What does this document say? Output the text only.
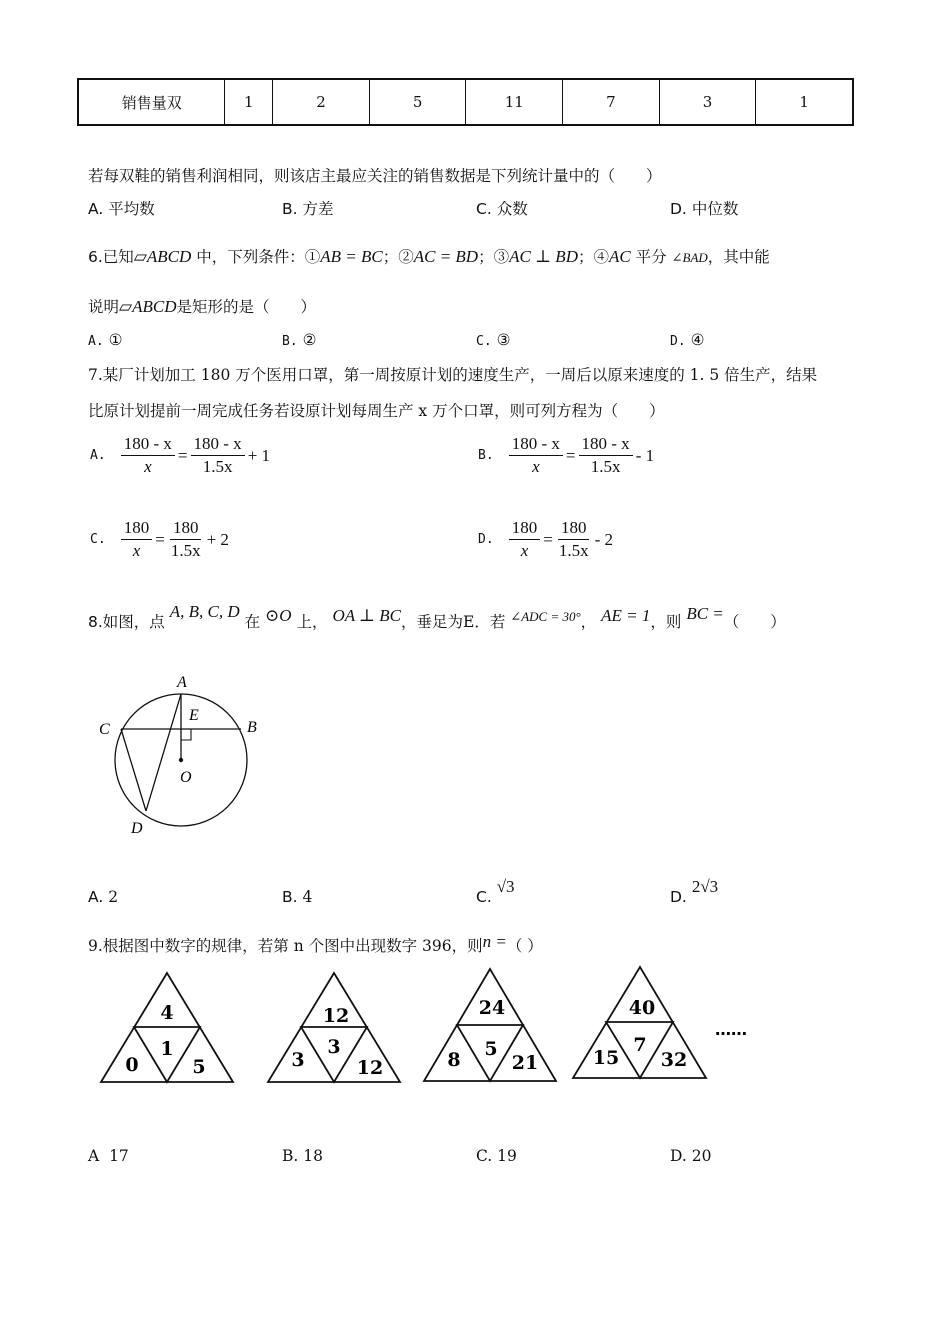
销售量双	1	2	5	11	7	3	1
若每双鞋的销售利润相同，则该店主最应关注的销售数据是下列统计量中的（　　）
A. 平均数	B. 方差	C. 众数	D. 中位数
6.已知▱ABCD 中，下列条件：①AB = BC；②AC = BD；③AC ⊥ BD；④AC 平分 ∠BAD，其中能
说明▱ABCD是矩形的是（　　）
A. ①	B. ②	C. ③	D. ④
7.某厂计划加工 180 万个医用口罩，第一周按原计划的速度生产，一周后以原来速度的 1. 5 倍生产，结果
比原计划提前一周完成任务若设原计划每周生产 x 万个口罩，则可列方程为（　　）
A. $\frac{180 - x}{x} = \frac{180 - x}{1.5x} + 1$	B. $\frac{180 - x}{x} = \frac{180 - x}{1.5x} - 1$
C. $\frac{180}{x} = \frac{180}{1.5x} + 2$	D. $\frac{180}{x} = \frac{180}{1.5x} - 2$
8.如图，点 A, B, C, D 在 ⊙O 上， OA ⊥ BC，垂足为E．若 $^{\angle ADC = 30^\circ}$， AE = 1，则 BC =（　　）
A
B
C
D
E
O
A. 2	B. 4	C. √3
D. 2√3
9.根据图中数字的规律，若第 n 个图中出现数字 396，则n =（ ）
4
1
0	5
12
3
3	12
24
5
8	21
40
7
15 32
……
A 17	B. 18	C. 19	D. 20
